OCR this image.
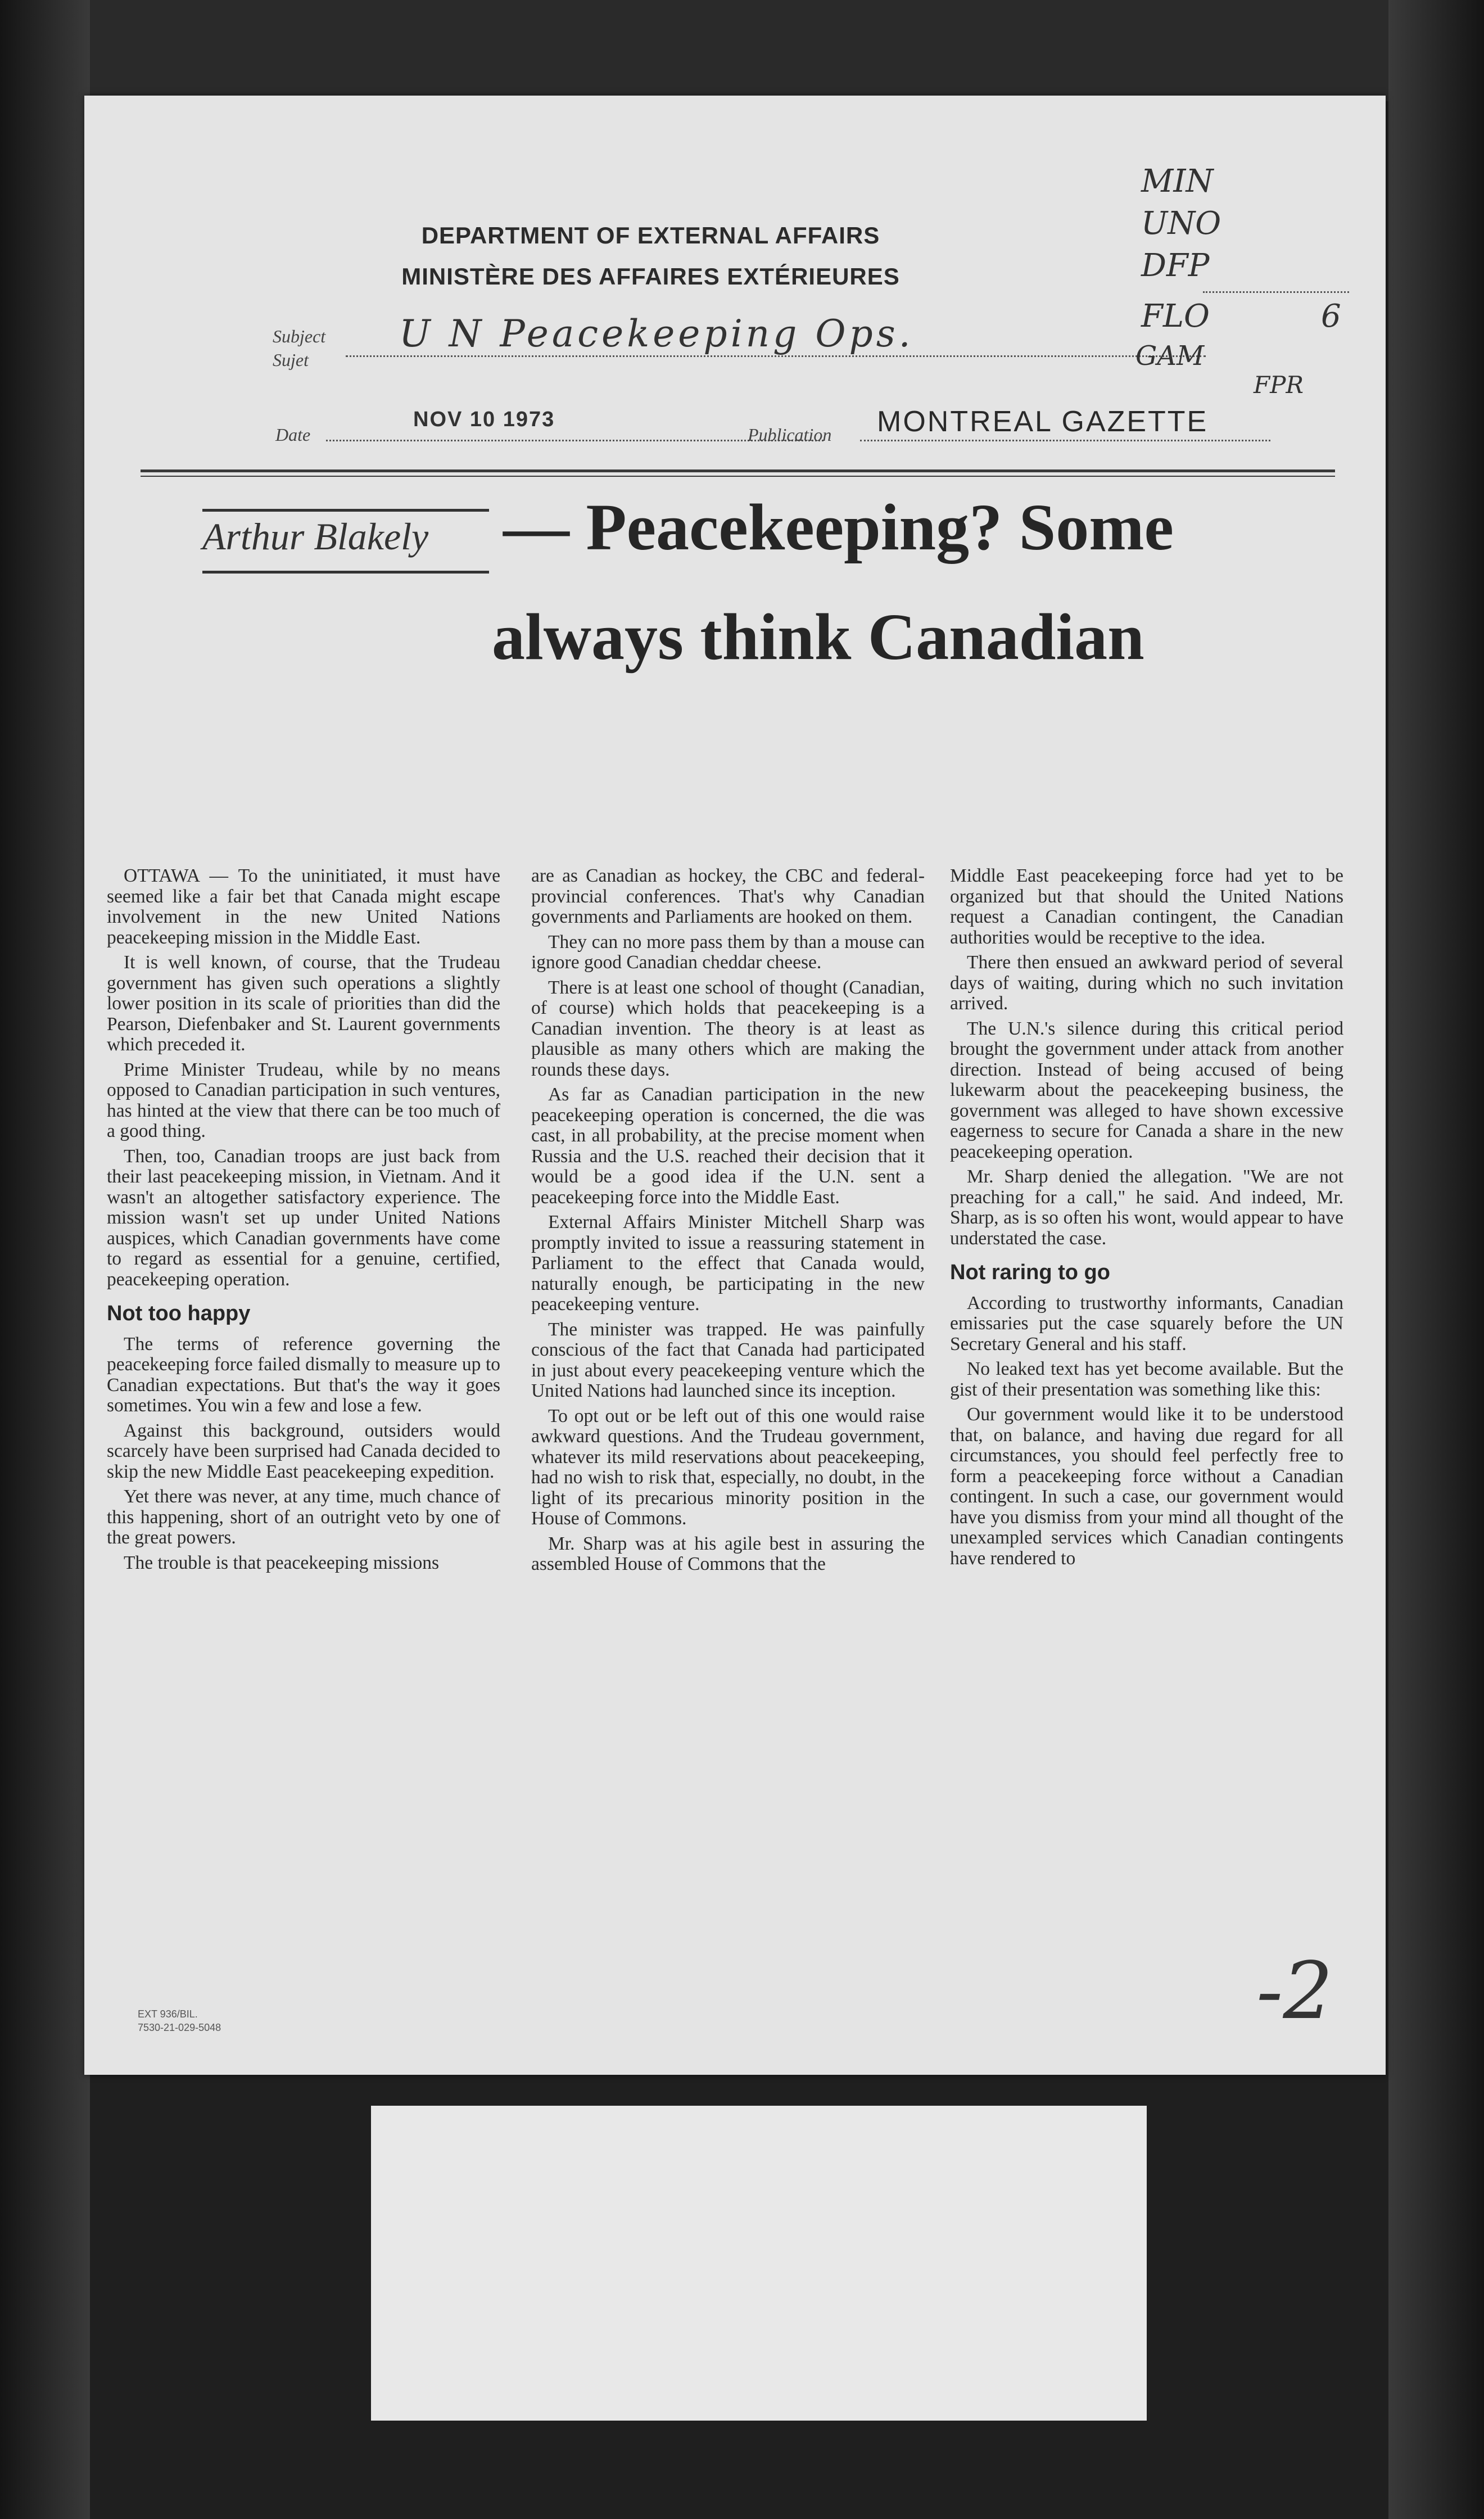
DEPARTMENT OF EXTERNAL AFFAIRS
MINISTÈRE DES AFFAIRES EXTÉRIEURES
Subject
Sujet
U N Peacekeeping Ops.
Date
NOV 10 1973
Publication MONTREAL GAZETTE
MIN
UNO
DFP
FLO	6
GAM
FPR
Arthur Blakely — Peacekeeping? Some
always think Canadian

OTTAWA — To the uninitiated, it must have seemed like a fair bet that Canada might escape involvement in the new United Nations peacekeeping mission in the Middle East.

It is well known, of course, that the Trudeau government has given such operations a slightly lower position in its scale of priorities than did the Pearson, Diefenbaker and St. Laurent governments which preceded it.

Prime Minister Trudeau, while by no means opposed to Canadian participation in such ventures, has hinted at the view that there can be too much of a good thing.

Then, too, Canadian troops are just back from their last peacekeeping mission, in Vietnam. And it wasn't an altogether satisfactory experience. The mission wasn't set up under United Nations auspices, which Canadian governments have come to regard as essential for a genuine, certified, peacekeeping operation.

Not too happy

The terms of reference governing the peacekeeping force failed dismally to measure up to Canadian expectations. But that's the way it goes sometimes. You win a few and lose a few.

Against this background, outsiders would scarcely have been surprised had Canada decided to skip the new Middle East peacekeeping expedition.

Yet there was never, at any time, much chance of this happening, short of an outright veto by one of the great powers.

The trouble is that peacekeeping missions

are as Canadian as hockey, the CBC and federal-provincial conferences. That's why Canadian governments and Parliaments are hooked on them.

They can no more pass them by than a mouse can ignore good Canadian cheddar cheese.

There is at least one school of thought (Canadian, of course) which holds that peacekeeping is a Canadian invention. The theory is at least as plausible as many others which are making the rounds these days.

As far as Canadian participation in the new peacekeeping operation is concerned, the die was cast, in all probability, at the precise moment when Russia and the U.S. reached their decision that it would be a good idea if the U.N. sent a peacekeeping force into the Middle East.

External Affairs Minister Mitchell Sharp was promptly invited to issue a reassuring statement in Parliament to the effect that Canada would, naturally enough, be participating in the new peacekeeping venture.

The minister was trapped. He was painfully conscious of the fact that Canada had participated in just about every peacekeeping venture which the United Nations had launched since its inception.

To opt out or be left out of this one would raise awkward questions. And the Trudeau government, whatever its mild reservations about peacekeeping, had no wish to risk that, especially, no doubt, in the light of its precarious minority position in the House of Commons.

Mr. Sharp was at his agile best in assuring the assembled House of Commons that the

Middle East peacekeeping force had yet to be organized but that should the United Nations request a Canadian contingent, the Canadian authorities would be receptive to the idea.

There then ensued an awkward period of several days of waiting, during which no such invitation arrived.

The U.N.'s silence during this critical period brought the government under attack from another direction. Instead of being accused of being lukewarm about the peacekeeping business, the government was alleged to have shown excessive eagerness to secure for Canada a share in the new peacekeeping operation.

Mr. Sharp denied the allegation. "We are not preaching for a call," he said. And indeed, Mr. Sharp, as is so often his wont, would appear to have understated the case.

Not raring to go

According to trustworthy informants, Canadian emissaries put the case squarely before the UN Secretary General and his staff.

No leaked text has yet become available. But the gist of their presentation was something like this:

Our government would like it to be understood that, on balance, and having due regard for all circumstances, you should feel perfectly free to form a peacekeeping force without a Canadian contingent. In such a case, our government would have you dismiss from your mind all thought of the unexampled services which Canadian contingents have rendered to

EXT 936/BIL.
7530-21-029-5048	-2
